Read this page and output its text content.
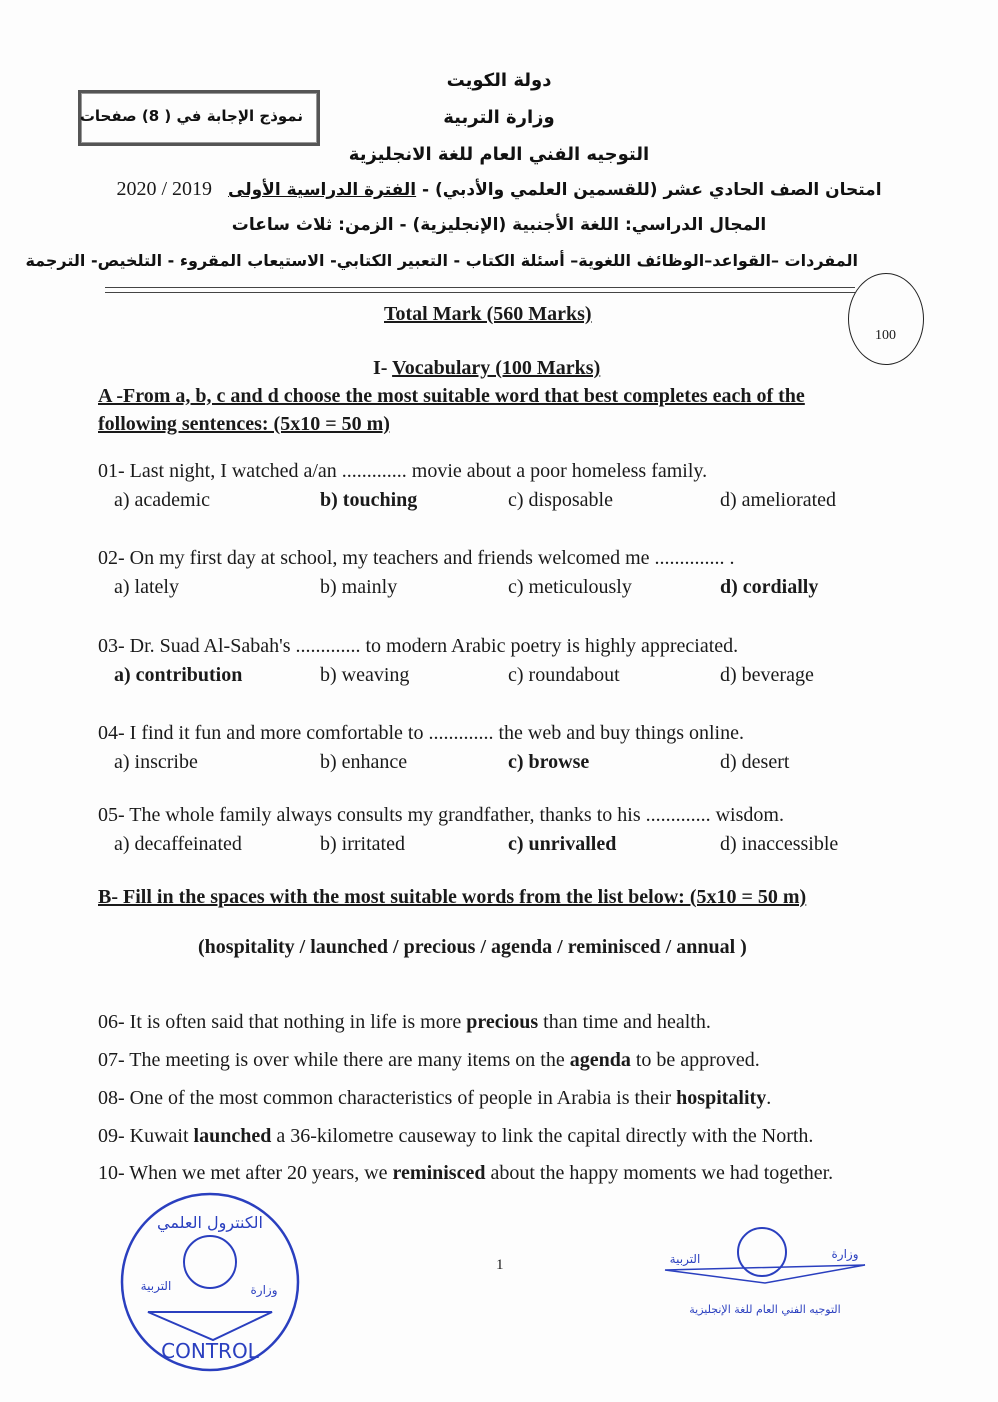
دولة الكويت
وزارة التربية
نموذج الإجابة في ( 8) صفحات
التوجيه الفني العام للغة الانجليزية
2020 / 2019	امتحان الصف الحادي عشر (للقسمين العلمي والأدبي) - الفترة الدراسية الأولى
المجال الدراسي: اللغة الأجنبية (الإنجليزية) - الزمن: ثلاث ساعات
المفردات –القواعد–الوظائف اللغوية– أسئلة الكتاب - التعبير الكتابي- الاستيعاب المقروء - التلخيص- الترجمة
100
Total Mark (560 Marks)
I- Vocabulary (100 Marks)
A -From a, b, c and d choose the most suitable word that best completes each of the
following sentences: (5x10 = 50 m)
01- Last night, I watched a/an ............. movie about a poor homeless family.
a) academic	b) touching	c) disposable	d) ameliorated
02- On my first day at school, my teachers and friends welcomed me .............. .
a) lately	b) mainly	c) meticulously	d) cordially
03- Dr. Suad Al-Sabah's ............. to modern Arabic poetry is highly appreciated.
a) contribution	b) weaving	c) roundabout	d) beverage
04- I find it fun and more comfortable to ............. the web and buy things online.
a) inscribe	b) enhance	c) browse	d) desert
05- The whole family always consults my grandfather, thanks to his ............. wisdom.
a) decaffeinated	b) irritated	c) unrivalled	d) inaccessible
B- Fill in the spaces with the most suitable words from the list below: (5x10 = 50 m)
(hospitality / launched / precious / agenda / reminisced / annual )
06- It is often said that nothing in life is more precious than time and health.
07- The meeting is over while there are many items on the agenda to be approved.
08- One of the most common characteristics of people in Arabia is their hospitality.
09- Kuwait launched a 36-kilometre causeway to link the capital directly with the North.
10- When we met after 20 years, we reminisced about the happy moments we had together.
الكنترول العلمي
التربية	وزارة
CONTROL
1
وزارة
التربية
التوجيه الفني العام للغة الإنجليزية
